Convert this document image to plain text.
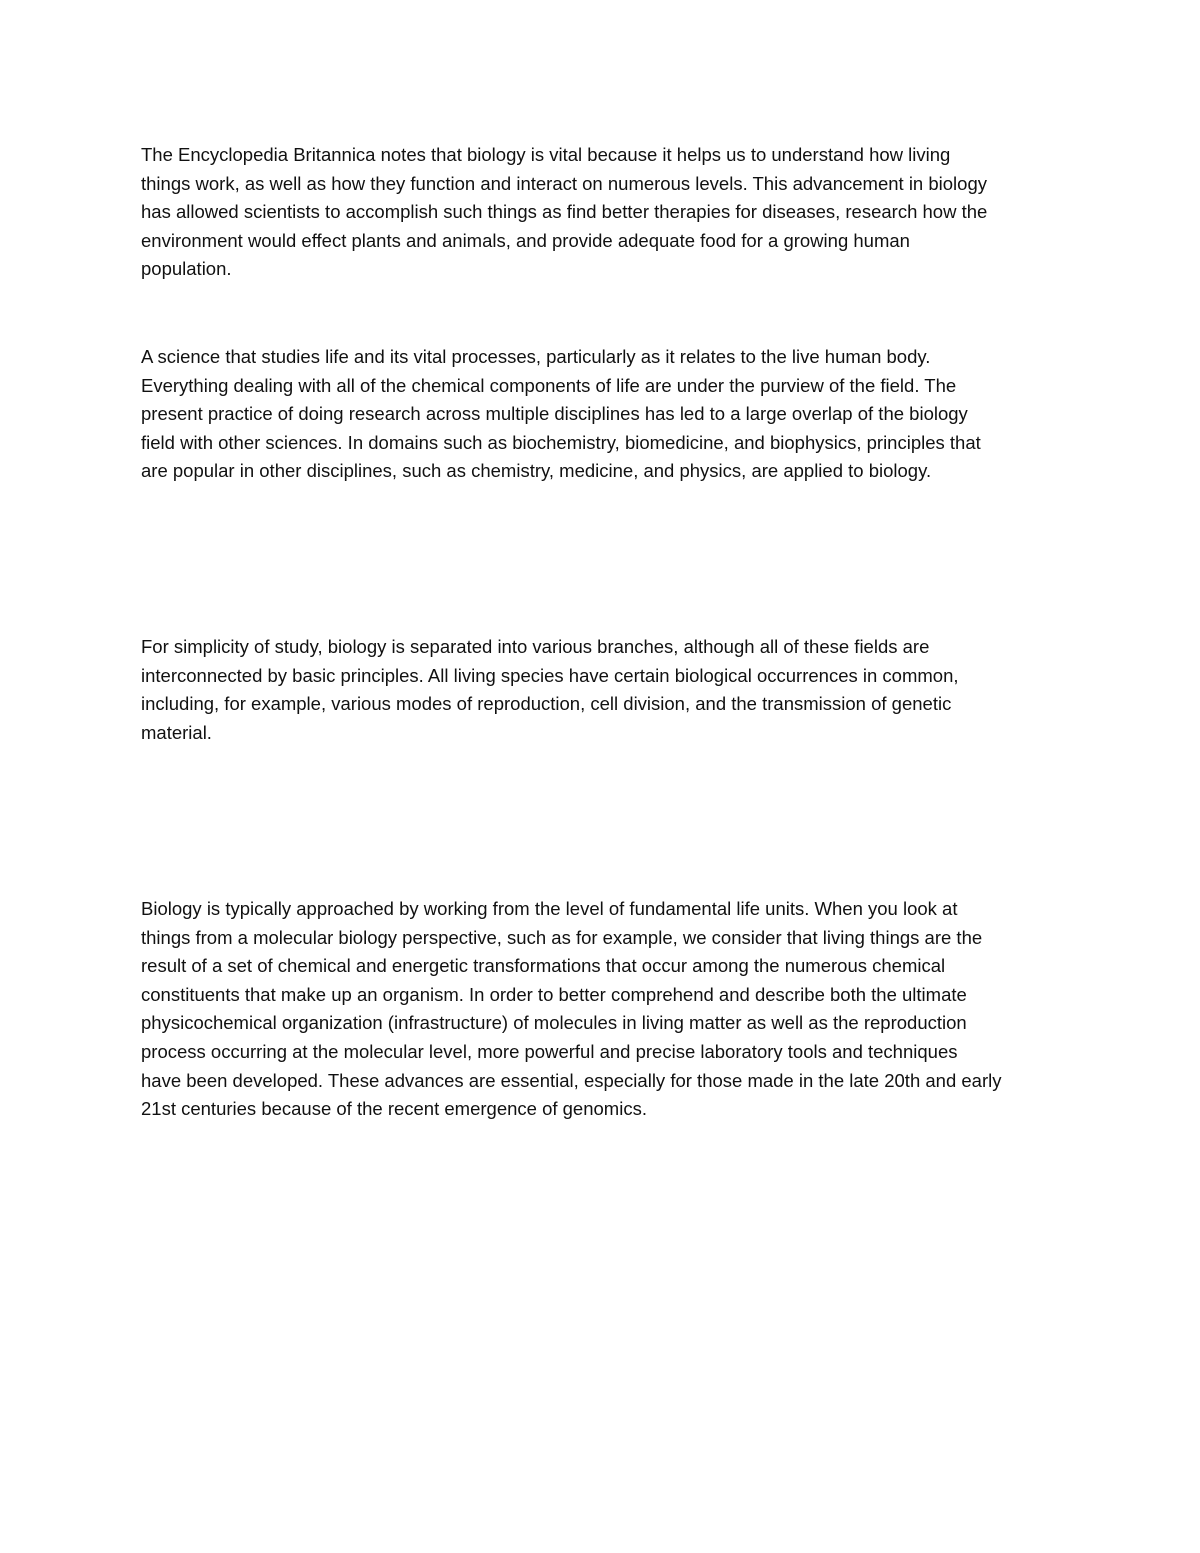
The Encyclopedia Britannica notes that biology is vital because it helps us to understand how living
things work, as well as how they function and interact on numerous levels. This advancement in biology
has allowed scientists to accomplish such things as find better therapies for diseases, research how the
environment would effect plants and animals, and provide adequate food for a growing human
population.

A science that studies life and its vital processes, particularly as it relates to the live human body.
Everything dealing with all of the chemical components of life are under the purview of the field. The
present practice of doing research across multiple disciplines has led to a large overlap of the biology
field with other sciences. In domains such as biochemistry, biomedicine, and biophysics, principles that
are popular in other disciplines, such as chemistry, medicine, and physics, are applied to biology.

For simplicity of study, biology is separated into various branches, although all of these fields are
interconnected by basic principles. All living species have certain biological occurrences in common,
including, for example, various modes of reproduction, cell division, and the transmission of genetic
material.

Biology is typically approached by working from the level of fundamental life units. When you look at
things from a molecular biology perspective, such as for example, we consider that living things are the
result of a set of chemical and energetic transformations that occur among the numerous chemical
constituents that make up an organism. In order to better comprehend and describe both the ultimate
physicochemical organization (infrastructure) of molecules in living matter as well as the reproduction
process occurring at the molecular level, more powerful and precise laboratory tools and techniques
have been developed. These advances are essential, especially for those made in the late 20th and early
21st centuries because of the recent emergence of genomics.
